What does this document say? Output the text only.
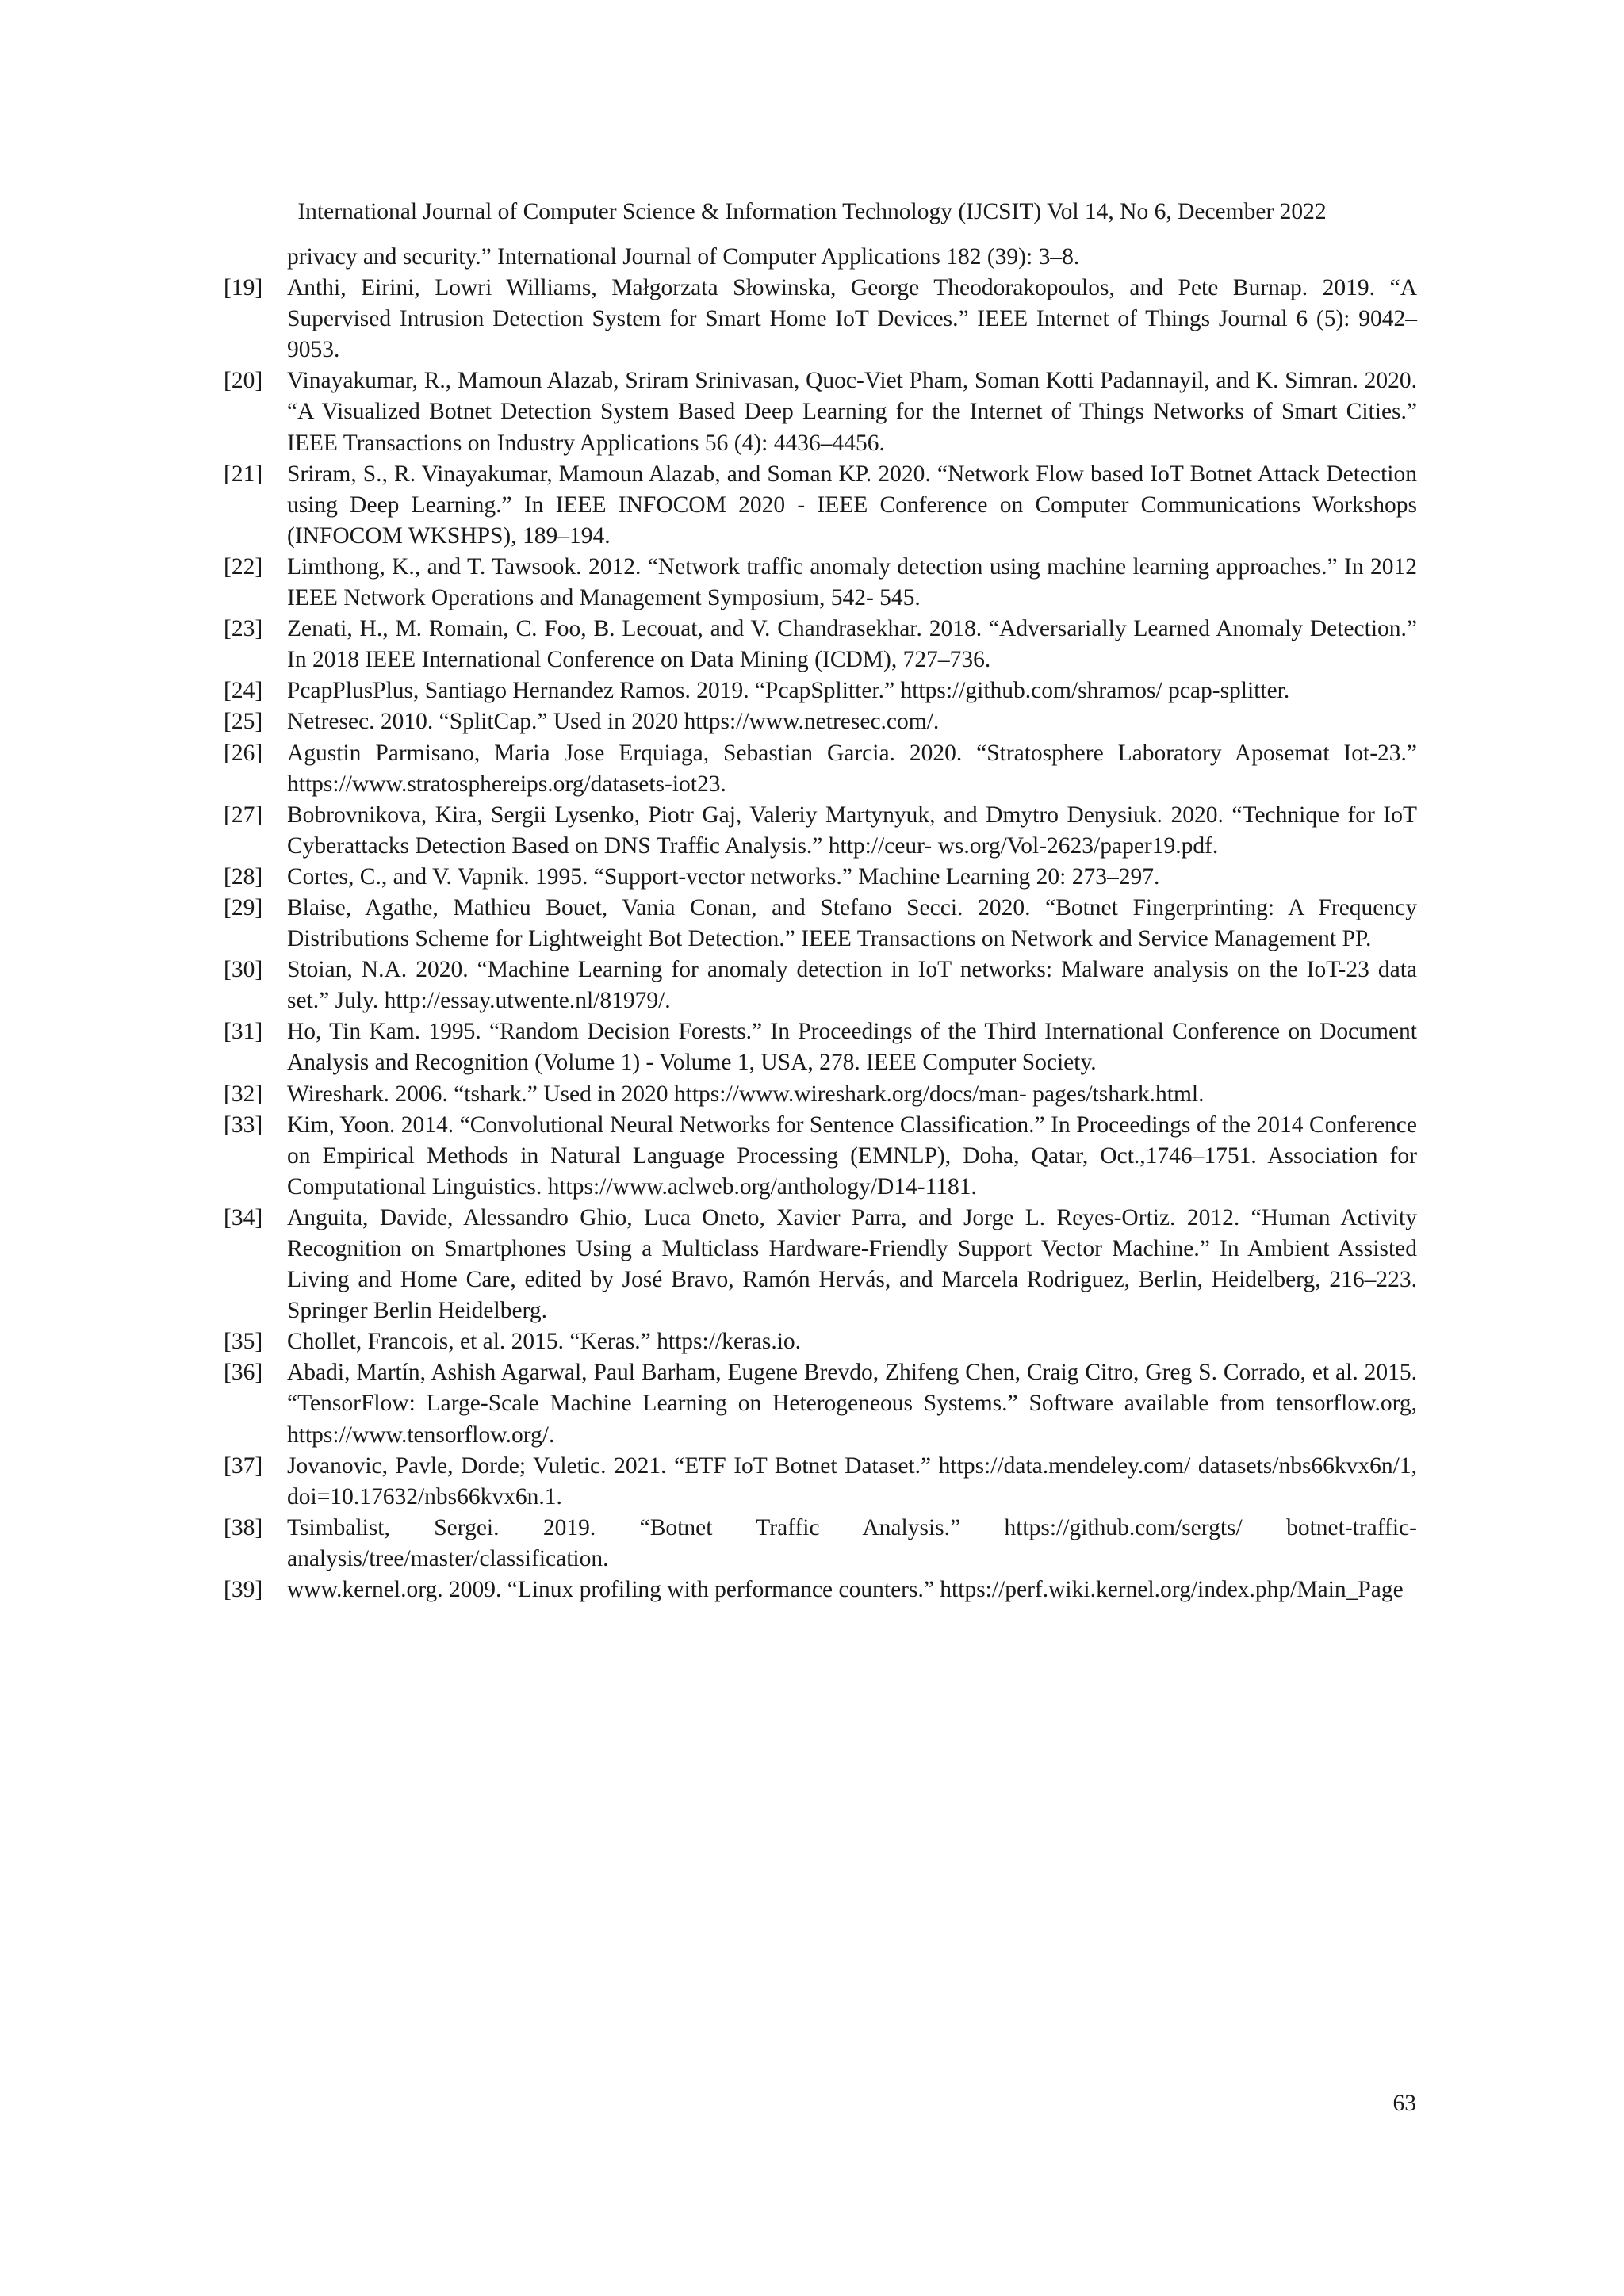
International Journal of Computer Science & Information Technology (IJCSIT) Vol 14, No 6, December 2022
privacy and security.” International Journal of Computer Applications 182 (39): 3–8.
[19]	Anthi, Eirini, Lowri Williams, Małgorzata Słowinska, George Theodorakopoulos, and Pete Burnap. 2019. “A Supervised Intrusion Detection System for Smart Home IoT Devices.” IEEE Internet of Things Journal 6 (5): 9042–9053.
[20]	Vinayakumar, R., Mamoun Alazab, Sriram Srinivasan, Quoc-Viet Pham, Soman Kotti Padannayil, and K. Simran. 2020. “A Visualized Botnet Detection System Based Deep Learning for the Internet of Things Networks of Smart Cities.” IEEE Transactions on Industry Applications 56 (4): 4436–4456.
[21]	Sriram, S., R. Vinayakumar, Mamoun Alazab, and Soman KP. 2020. “Network Flow based IoT Botnet Attack Detection using Deep Learning.” In IEEE INFOCOM 2020 - IEEE Conference on Computer Communications Workshops (INFOCOM WKSHPS), 189–194.
[22]	Limthong, K., and T. Tawsook. 2012. “Network traffic anomaly detection using machine learning approaches.” In 2012 IEEE Network Operations and Management Symposium, 542- 545.
[23]	Zenati, H., M. Romain, C. Foo, B. Lecouat, and V. Chandrasekhar. 2018. “Adversarially Learned Anomaly Detection.” In 2018 IEEE International Conference on Data Mining (ICDM), 727–736.
[24]	PcapPlusPlus, Santiago Hernandez Ramos. 2019. “PcapSplitter.” https://github.com/shramos/ pcap-splitter.
[25]	Netresec. 2010. “SplitCap.” Used in 2020 https://www.netresec.com/.
[26]	Agustin Parmisano, Maria Jose Erquiaga, Sebastian Garcia. 2020. “Stratosphere Laboratory Aposemat Iot-23.” https://www.stratosphereips.org/datasets-iot23.
[27]	Bobrovnikova, Kira, Sergii Lysenko, Piotr Gaj, Valeriy Martynyuk, and Dmytro Denysiuk. 2020. “Technique for IoT Cyberattacks Detection Based on DNS Traffic Analysis.” http://ceur- ws.org/Vol-2623/paper19.pdf.
[28]	Cortes, C., and V. Vapnik. 1995. “Support-vector networks.” Machine Learning 20: 273–297.
[29]	Blaise, Agathe, Mathieu Bouet, Vania Conan, and Stefano Secci. 2020. “Botnet Fingerprinting: A Frequency Distributions Scheme for Lightweight Bot Detection.” IEEE Transactions on Network and Service Management PP.
[30]	Stoian, N.A. 2020. “Machine Learning for anomaly detection in IoT networks: Malware analysis on the IoT-23 data set.” July. http://essay.utwente.nl/81979/.
[31]	Ho, Tin Kam. 1995. “Random Decision Forests.” In Proceedings of the Third International Conference on Document Analysis and Recognition (Volume 1) - Volume 1, USA, 278. IEEE Computer Society.
[32]	Wireshark. 2006. “tshark.” Used in 2020 https://www.wireshark.org/docs/man- pages/tshark.html.
[33]	Kim, Yoon. 2014. “Convolutional Neural Networks for Sentence Classification.” In Proceedings of the 2014 Conference on Empirical Methods in Natural Language Processing (EMNLP), Doha, Qatar, Oct.,1746–1751. Association for Computational Linguistics. https://www.aclweb.org/anthology/D14-1181.
[34]	Anguita, Davide, Alessandro Ghio, Luca Oneto, Xavier Parra, and Jorge L. Reyes-Ortiz. 2012. “Human Activity Recognition on Smartphones Using a Multiclass Hardware-Friendly Support Vector Machine.” In Ambient Assisted Living and Home Care, edited by José Bravo, Ramón Hervás, and Marcela Rodriguez, Berlin, Heidelberg, 216–223. Springer Berlin Heidelberg.
[35]	Chollet, Francois, et al. 2015. “Keras.” https://keras.io.
[36]	Abadi, Martín, Ashish Agarwal, Paul Barham, Eugene Brevdo, Zhifeng Chen, Craig Citro, Greg S. Corrado, et al. 2015. “TensorFlow: Large-Scale Machine Learning on Heterogeneous Systems.” Software available from tensorflow.org, https://www.tensorflow.org/.
[37]	Jovanovic, Pavle, Dorde; Vuletic. 2021. “ETF IoT Botnet Dataset.” https://data.mendeley.com/ datasets/nbs66kvx6n/1, doi=10.17632/nbs66kvx6n.1.
[38]	Tsimbalist, Sergei. 2019. “Botnet Traffic Analysis.” https://github.com/sergts/ botnet-traffic-analysis/tree/master/classification.
[39]	www.kernel.org. 2009. “Linux profiling with performance counters.” https://perf.wiki.kernel.org/index.php/Main_Page
63
